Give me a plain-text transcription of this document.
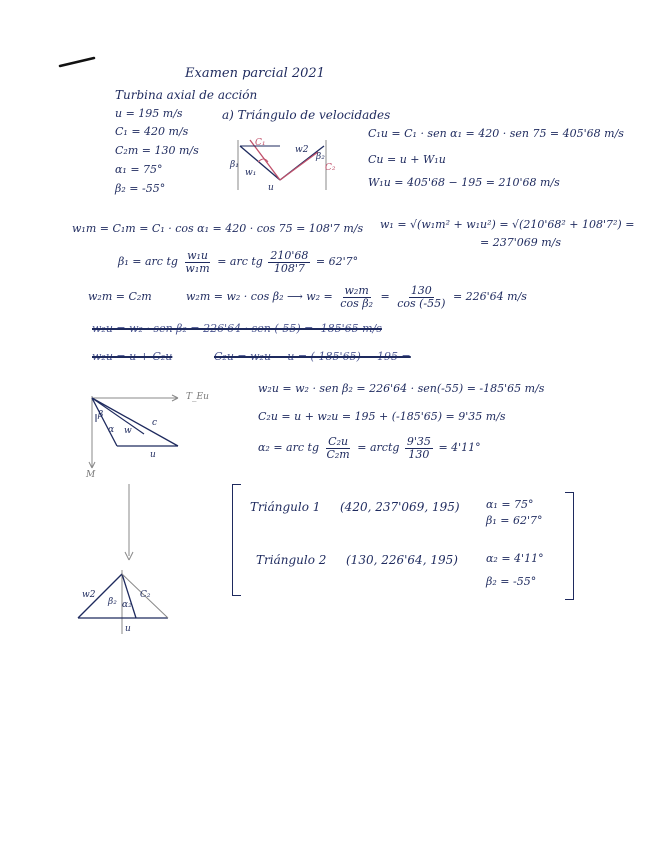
Examen parcial 2021
Turbina axial de acción
u = 195 m/s
C₁ = 420 m/s
C₂m = 130 m/s
α₁ = 75°
β₂ = -55°
a) Triángulo de velocidades
C₁
w₁
w2
β₂
C₂
β₁
u
C₁u = C₁ · sen α₁ = 420 · sen 75 = 405'68 m/s
Cu = u + W₁u
W₁u = 405'68 − 195 = 210'68 m/s
w₁m = C₁m = C₁ · cos α₁ = 420 · cos 75 = 108'7 m/s w₁ = √(w₁m² + w₁u²) = √(210'68² + 108'7²) =
= 237'069 m/s
β₁ = arc tg $\frac{\text{w₁u}}{\text{w₁m}}$ = arc tg $\frac{210'68}{108'7} = 62'7^\circ$
w₂m = C₂m	w₂m = w₂ · cos β₂ ⟶ $w_2 = \frac{\text{w₂m}}{\text{cos β₂}} = \frac{130}{\cos (-55)} = 226'64$ m/s
w₂u = w₂ · sen β₂ = 226'64 · sen (-55) = -185'65 m/s
w₂u = u + C₂u	C₂u = w₂u − u = (-185'65) − 195 =
w₂u = w₂ · sen β₂ = 226'64 · sen(-55) = -185'65 m/s
C₂u = u + w₂u = 195 + (-185'65) = 9'35 m/s
α₂ = arc tg $\frac{\text{C₂u}}{\text{C₂m}}$ = arctg $\frac{9'35}{130} = 4'11^\circ$
T_Eu
c
w
β
α
u
M
w2	C₂
β₂ α₂
u
Triángulo 1 (420, 237'069, 195) α₁ = 75°
β₁ = 62'7°
Triángulo 2 (130, 226'64, 195)	α₂ = 4'11°
β₂ = -55°
